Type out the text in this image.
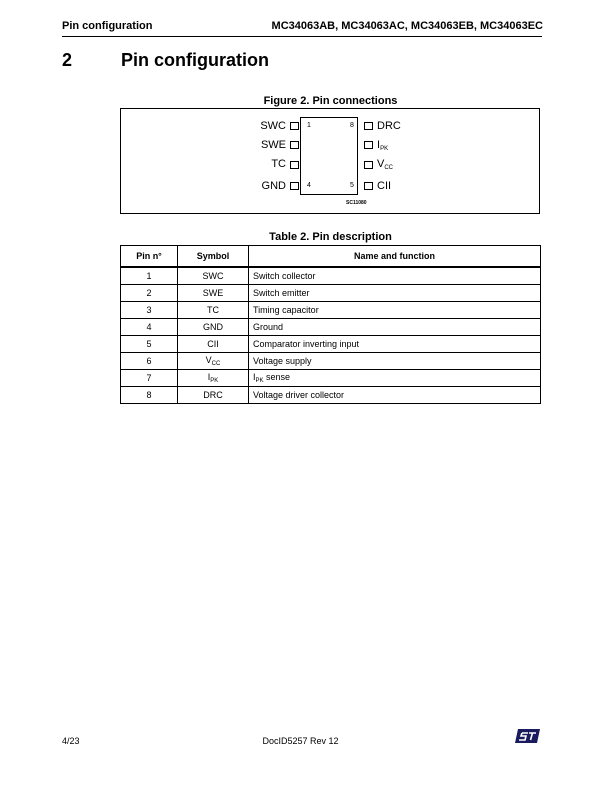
Pin configuration	MC34063AB, MC34063AC, MC34063EB, MC34063EC
2	Pin configuration
Figure 2. Pin connections
SWC	1
SWE
TC
GND	4
8 DRC
$I_{PK}$
$V_{CC}$
5 CII
SC11080
Table 2. Pin description
Pin n°	Symbol	Name and function
1	SWC	Switch collector
2	SWE	Switch emitter
3	TC	Timing capacitor
4	GND	Ground
5	CII	Comparator inverting input
6	$V_{CC}$	Voltage supply
7	$I_{PK}$	$I_{PK}$ sense
8	DRC	Voltage driver collector
4/23	DocID5257 Rev 12
